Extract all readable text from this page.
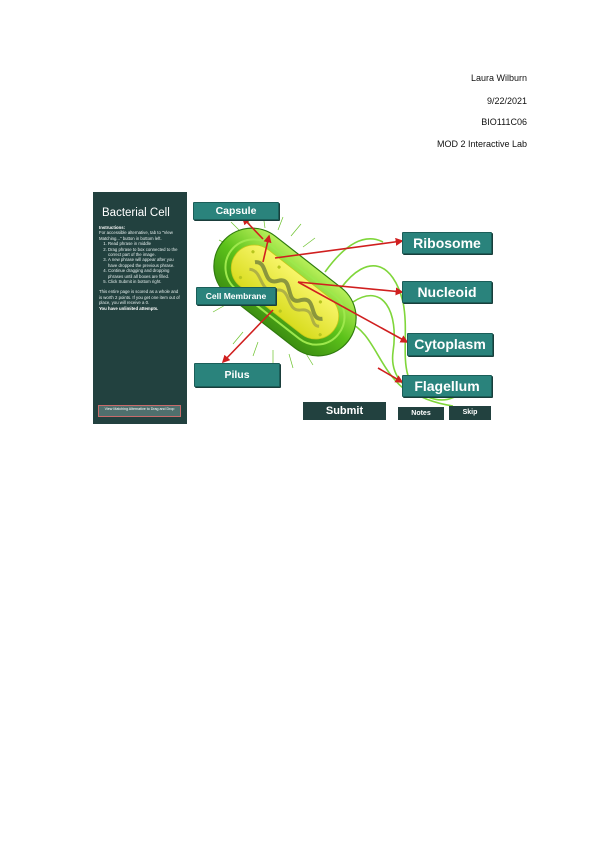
Laura Wilburn
9/22/2021
BIO111C06
MOD 2 Interactive Lab
Bacterial Cell
Instructions:
For accessible alternative, tab to "View Matching..." button in bottom left.
1. Read phrase in middle
2. Drag phrase to box connected to the correct part of the image.
3. A new phrase will appear after you have dropped the previous phrase.
4. Continue dragging and dropping phrases until all boxes are filled.
5. Click Submit in bottom right.

This entire page is scored as a whole and is worth 2 points. If you get one item out of place, you will receive a 0.

You have unlimited attempts.
View Matching Alternative to Drag and Drop
Capsule
Cell Membrane
Pilus
Ribosome
Nucleoid
Cytoplasm
Flagellum
Submit	Notes	Skip
